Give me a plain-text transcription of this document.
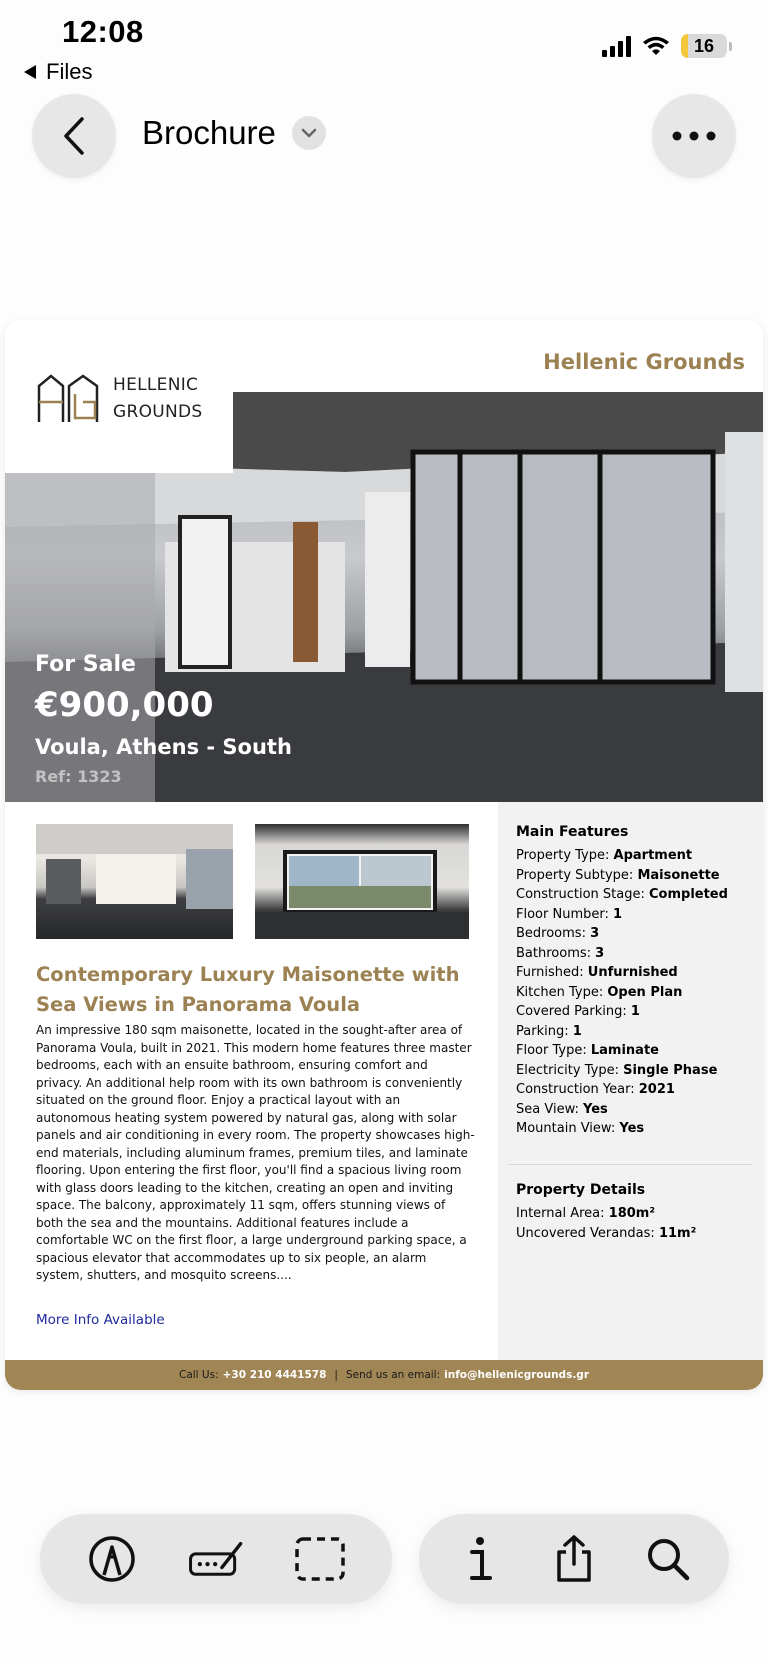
12:08
Files
16
Brochure
Hellenic Grounds
For Sale
€900,000
Voula, Athens - South
Ref: 1323
HELLENIC
GROUNDS
Contemporary Luxury Maisonette with Sea Views in Panorama Voula
An impressive 180 sqm maisonette, located in the sought-after area of Panorama Voula, built in 2021. This modern home features three master bedrooms, each with an ensuite bathroom, ensuring comfort and privacy. An additional help room with its own bathroom is conveniently situated on the ground floor. Enjoy a practical layout with an autonomous heating system powered by natural gas, along with solar panels and air conditioning in every room. The property showcases high-end materials, including aluminum frames, premium tiles, and laminate flooring. Upon entering the first floor, you'll find a spacious living room with glass doors leading to the kitchen, creating an open and inviting space. The balcony, approximately 11 sqm, offers stunning views of both the sea and the mountains. Additional features include a comfortable WC on the first floor, a large underground parking space, a spacious elevator that accommodates up to six people, an alarm system, shutters, and mosquito screens....
More Info Available
Main Features
Property Type: Apartment
Property Subtype: Maisonette
Construction Stage: Completed
Floor Number: 1
Bedrooms: 3
Bathrooms: 3
Furnished: Unfurnished
Kitchen Type: Open Plan
Covered Parking: 1
Parking: 1
Floor Type: Laminate
Electricity Type: Single Phase
Construction Year: 2021
Sea View: Yes
Mountain View: Yes
Property Details
Internal Area: 180m²
Uncovered Verandas: 11m²
Call Us: +30 210 4441578 | Send us an email: info@hellenicgrounds.gr
